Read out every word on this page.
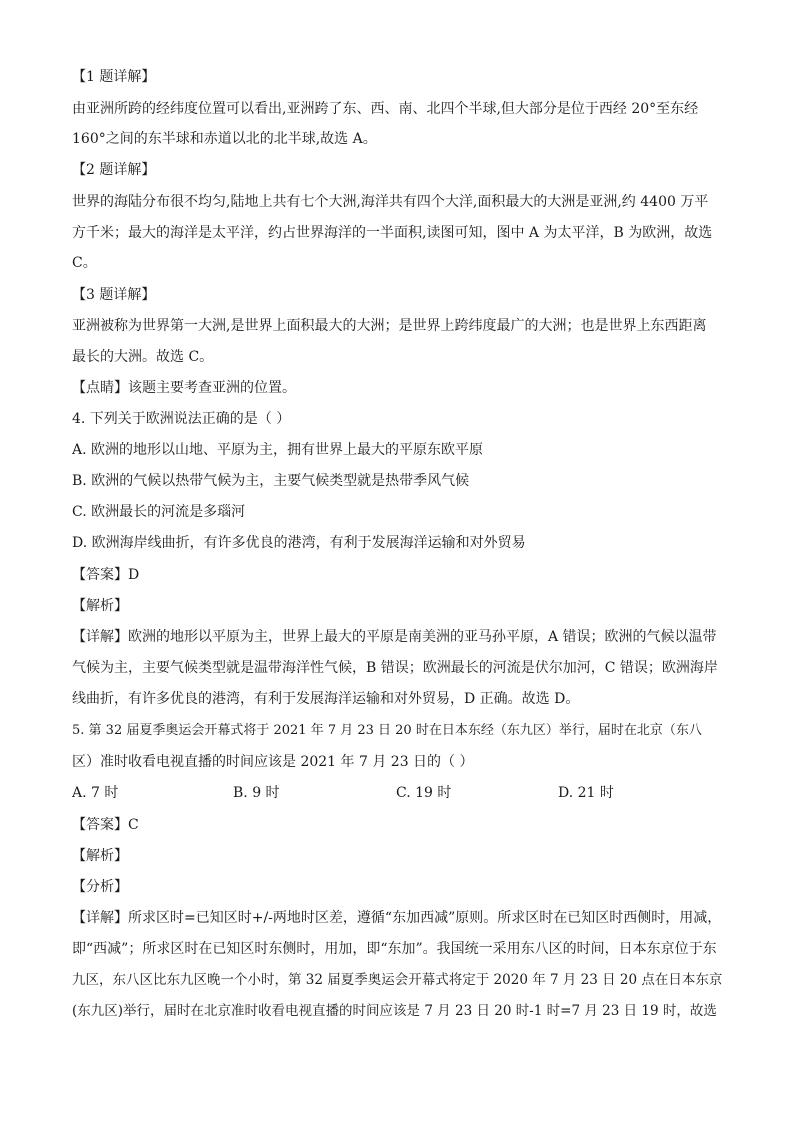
【1 题详解】
由亚洲所跨的经纬度位置可以看出,亚洲跨了东、西、南、北四个半球,但大部分是位于西经 20°至东经
160°之间的东半球和赤道以北的北半球,故选 A。
【2 题详解】
世界的海陆分布很不均匀,陆地上共有七个大洲,海洋共有四个大洋,面积最大的大洲是亚洲,约 4400 万平
方千米；最大的海洋是太平洋，约占世界海洋的一半面积,读图可知，图中 A 为太平洋，B 为欧洲，故选
C。
【3 题详解】
亚洲被称为世界第一大洲,是世界上面积最大的大洲；是世界上跨纬度最广的大洲；也是世界上东西距离
最长的大洲。故选 C。
【点睛】该题主要考查亚洲的位置。
4. 下列关于欧洲说法正确的是（ ）
A. 欧洲的地形以山地、平原为主，拥有世界上最大的平原东欧平原
B. 欧洲的气候以热带气候为主，主要气候类型就是热带季风气候
C. 欧洲最长的河流是多瑙河
D. 欧洲海岸线曲折，有许多优良的港湾，有利于发展海洋运输和对外贸易
【答案】D
【解析】
【详解】欧洲的地形以平原为主，世界上最大的平原是南美洲的亚马孙平原，A 错误；欧洲的气候以温带
气候为主，主要气候类型就是温带海洋性气候，B 错误；欧洲最长的河流是伏尔加河，C 错误；欧洲海岸
线曲折，有许多优良的港湾，有利于发展海洋运输和对外贸易，D 正确。故选 D。
5. 第 32 届夏季奥运会开幕式将于 2021 年 7 月 23 日 20 时在日本东经（东九区）举行，届时在北京（东八
区）准时收看电视直播的时间应该是 2021 年 7 月 23 日的（ ）
A. 7 时	B. 9 时	C. 19 时	D. 21 时
【答案】C
【解析】
【分析】
【详解】所求区时=已知区时+/-两地时区差，遵循“东加西减”原则。所求区时在已知区时西侧时，用减，
即“西减”；所求区时在已知区时东侧时，用加，即“东加”。我国统一采用东八区的时间，日本东京位于东
九区，东八区比东九区晚一个小时，第 32 届夏季奥运会开幕式将定于 2020 年 7 月 23 日 20 点在日本东京
(东九区)举行，届时在北京准时收看电视直播的时间应该是 7 月 23 日 20 时-1 时=7 月 23 日 19 时，故选
